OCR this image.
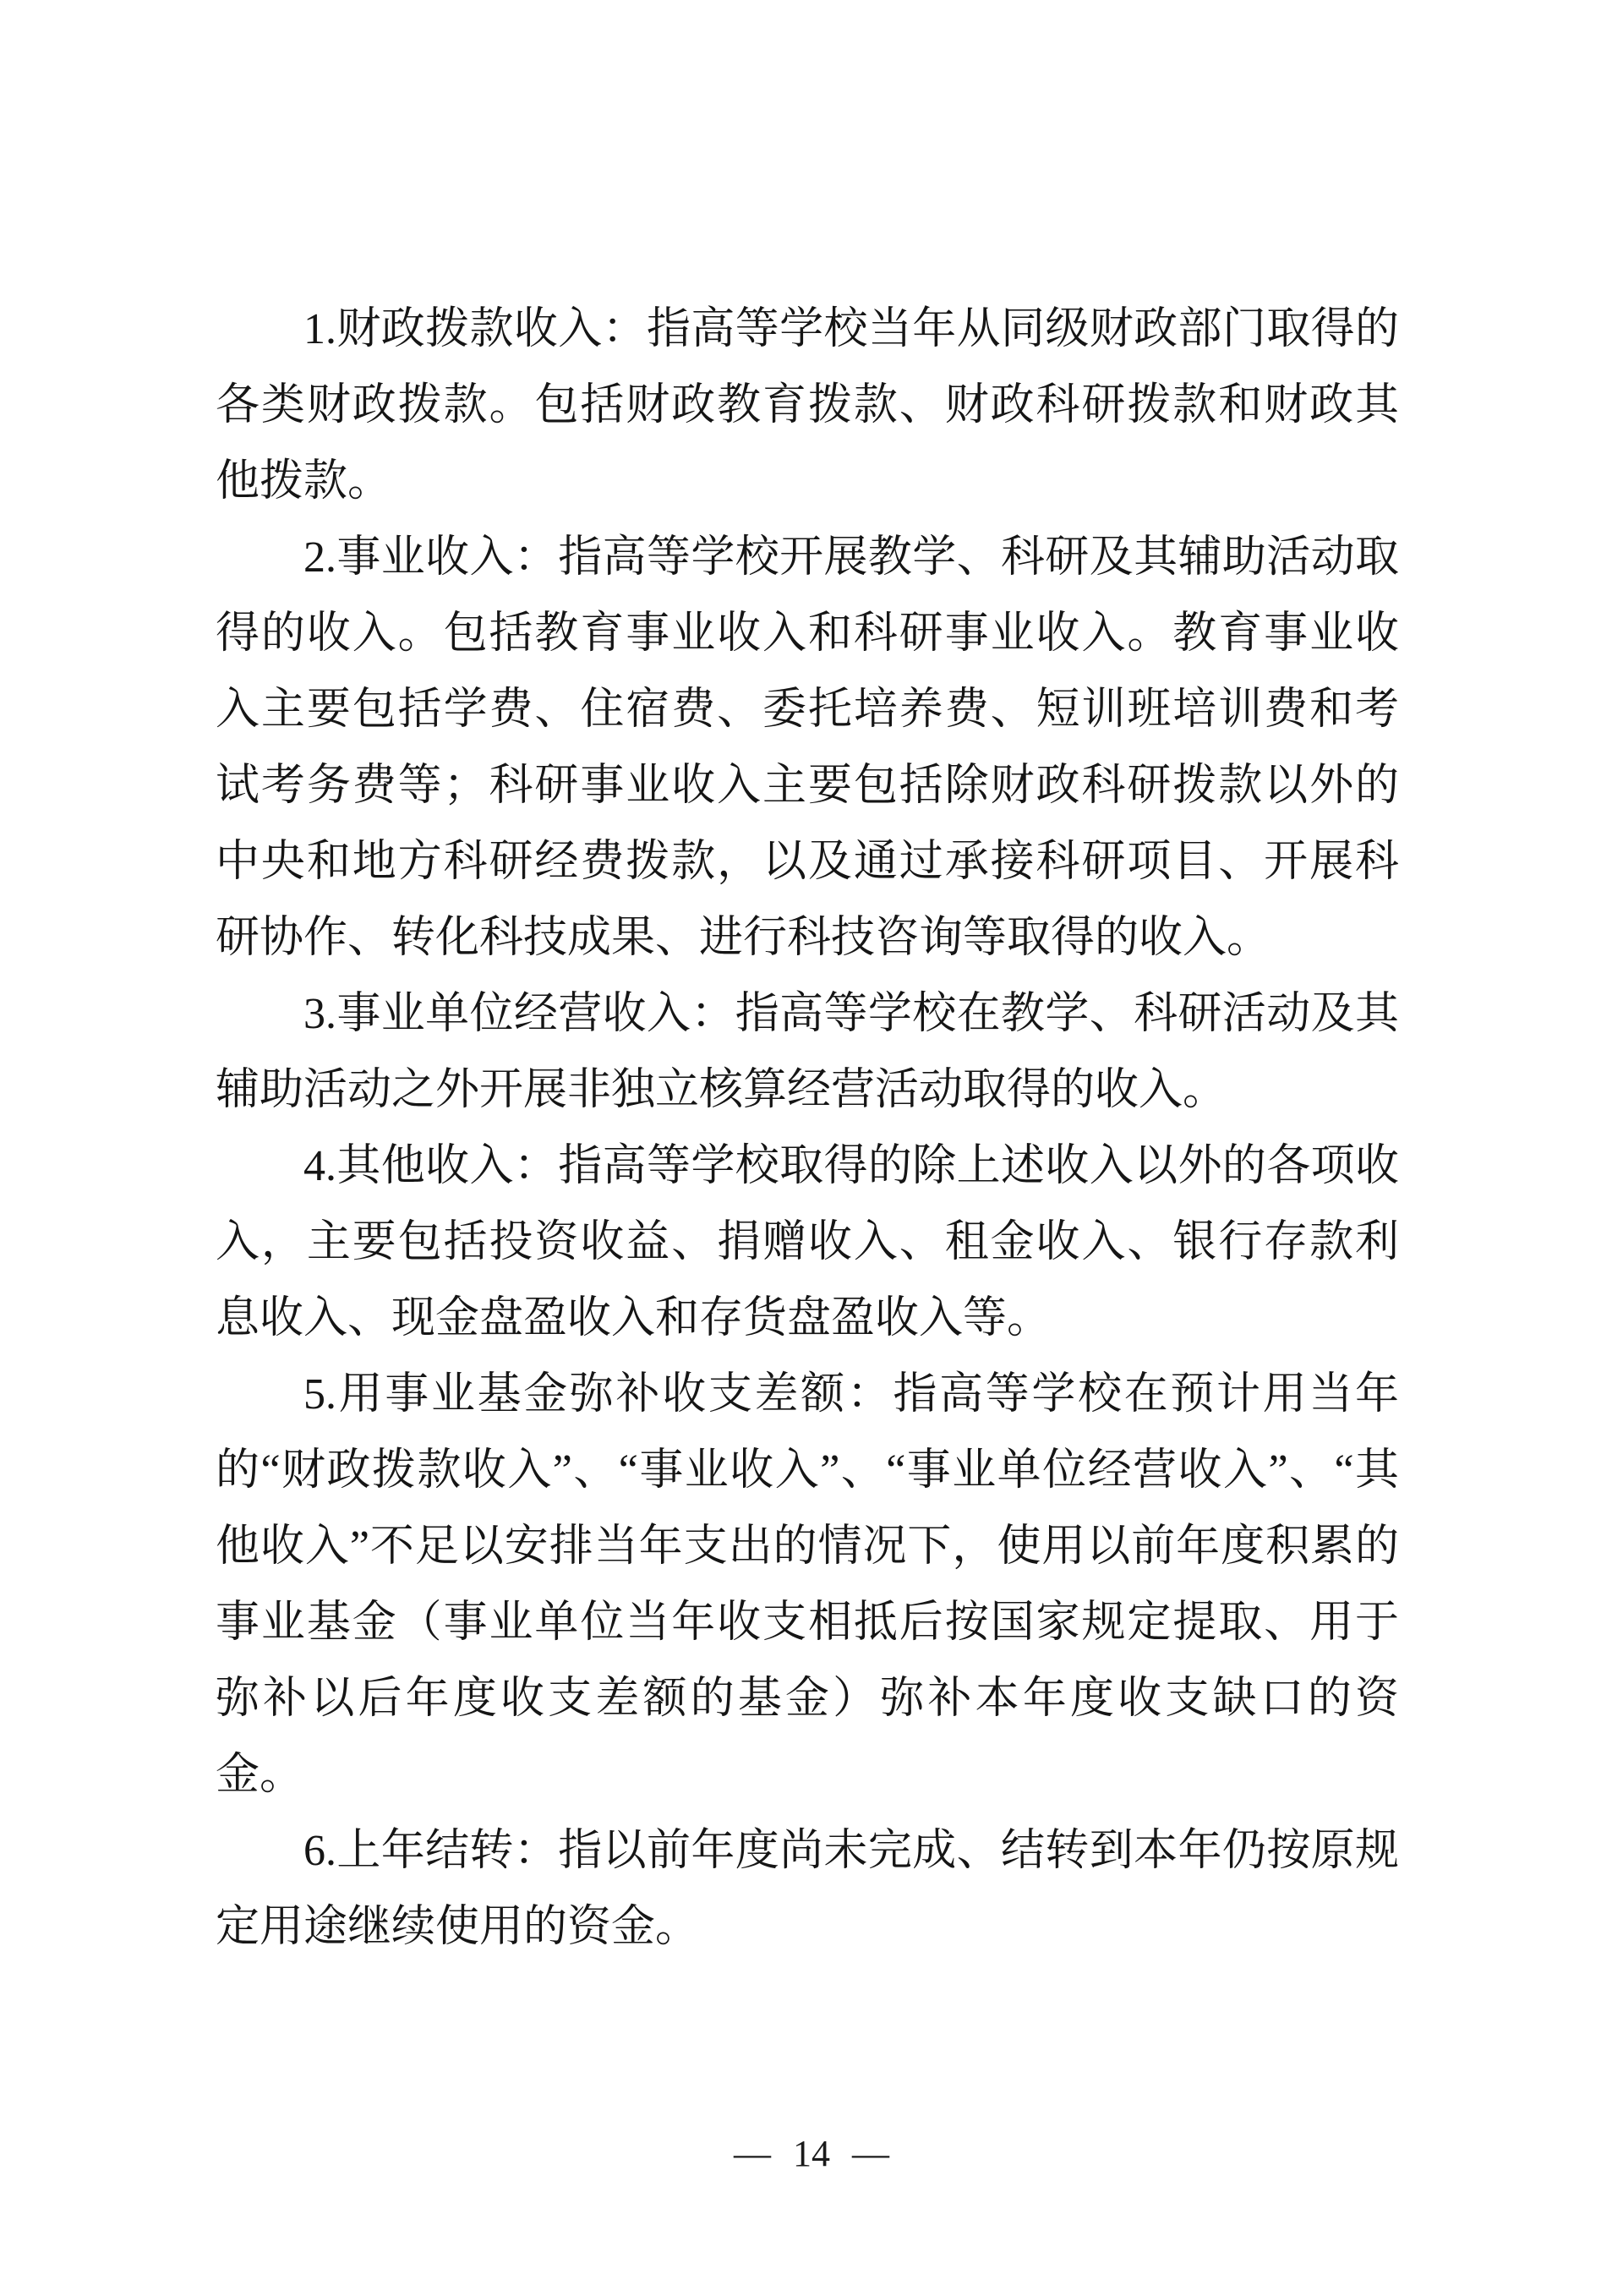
1.财政拨款收入：指高等学校当年从同级财政部门取得的各类财政拨款。包括财政教育拨款、财政科研拨款和财政其他拨款。

2.事业收入：指高等学校开展教学、科研及其辅助活动取得的收入。包括教育事业收入和科研事业收入。教育事业收入主要包括学费、住宿费、委托培养费、短训班培训费和考试考务费等；科研事业收入主要包括除财政科研拨款以外的中央和地方科研经费拨款，以及通过承接科研项目、开展科研协作、转化科技成果、进行科技咨询等取得的收入。

3.事业单位经营收入：指高等学校在教学、科研活动及其辅助活动之外开展非独立核算经营活动取得的收入。

4.其他收入：指高等学校取得的除上述收入以外的各项收入，主要包括投资收益、捐赠收入、租金收入、银行存款利息收入、现金盘盈收入和存货盘盈收入等。

5.用事业基金弥补收支差额：指高等学校在预计用当年的“财政拨款收入”、“事业收入”、“事业单位经营收入”、“其他收入”不足以安排当年支出的情况下，使用以前年度积累的事业基金（事业单位当年收支相抵后按国家规定提取、用于弥补以后年度收支差额的基金）弥补本年度收支缺口的资金。

6.上年结转：指以前年度尚未完成、结转到本年仍按原规定用途继续使用的资金。

— 14 —
